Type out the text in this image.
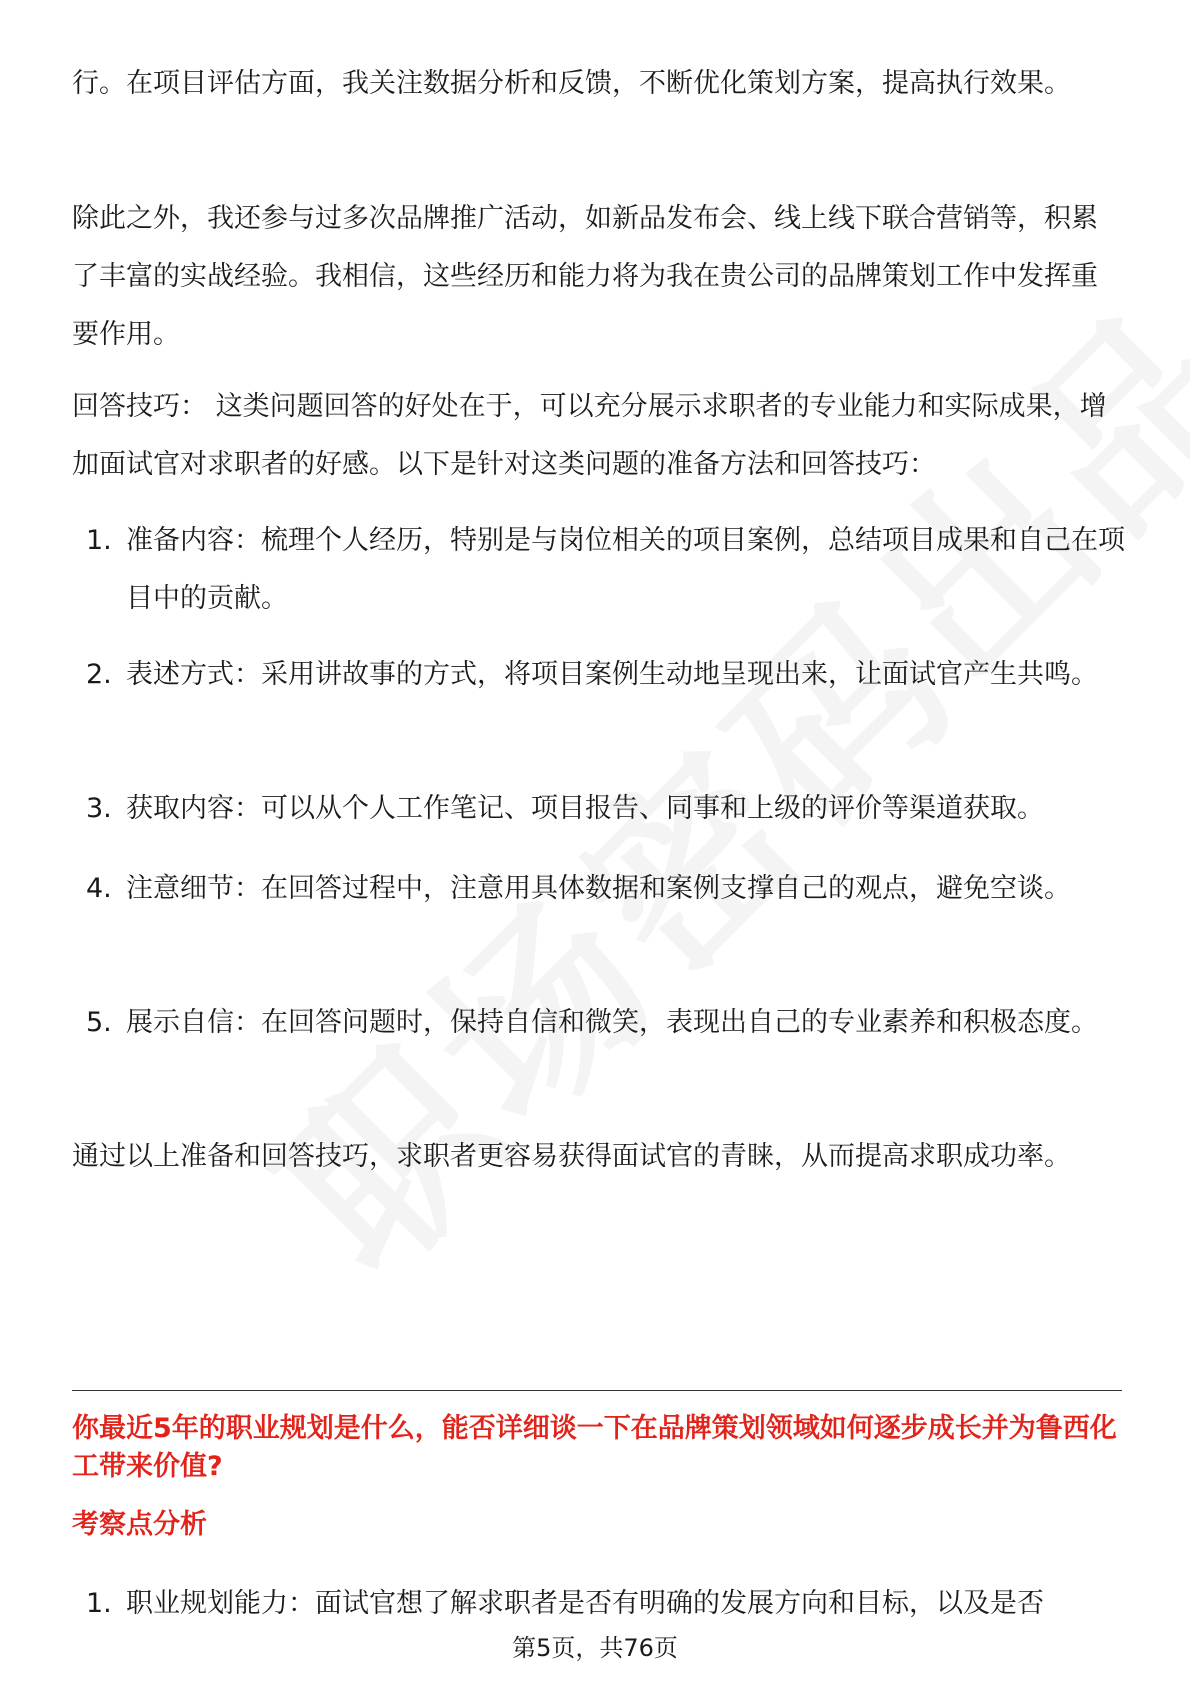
行。在项目评估方面，我关注数据分析和反馈，不断优化策划方案，提高执行效果。

除此之外，我还参与过多次品牌推广活动，如新品发布会、线上线下联合营销等，积累了丰富的实战经验。我相信，这些经历和能力将为我在贵公司的品牌策划工作中发挥重要作用。

回答技巧： 这类问题回答的好处在于，可以充分展示求职者的专业能力和实际成果，增加面试官对求职者的好感。以下是针对这类问题的准备方法和回答技巧：

1. 准备内容：梳理个人经历，特别是与岗位相关的项目案例，总结项目成果和自己在项目中的贡献。
2. 表述方式：采用讲故事的方式，将项目案例生动地呈现出来，让面试官产生共鸣。
3. 获取内容：可以从个人工作笔记、项目报告、同事和上级的评价等渠道获取。
4. 注意细节：在回答过程中，注意用具体数据和案例支撑自己的观点，避免空谈。
5. 展示自信：在回答问题时，保持自信和微笑，表现出自己的专业素养和积极态度。

通过以上准备和回答技巧，求职者更容易获得面试官的青睐，从而提高求职成功率。

你最近5年的职业规划是什么，能否详细谈一下在品牌策划领域如何逐步成长并为鲁西化工带来价值?

考察点分析

1. 职业规划能力：面试官想了解求职者是否有明确的发展方向和目标，以及是否
第5页，共76页
